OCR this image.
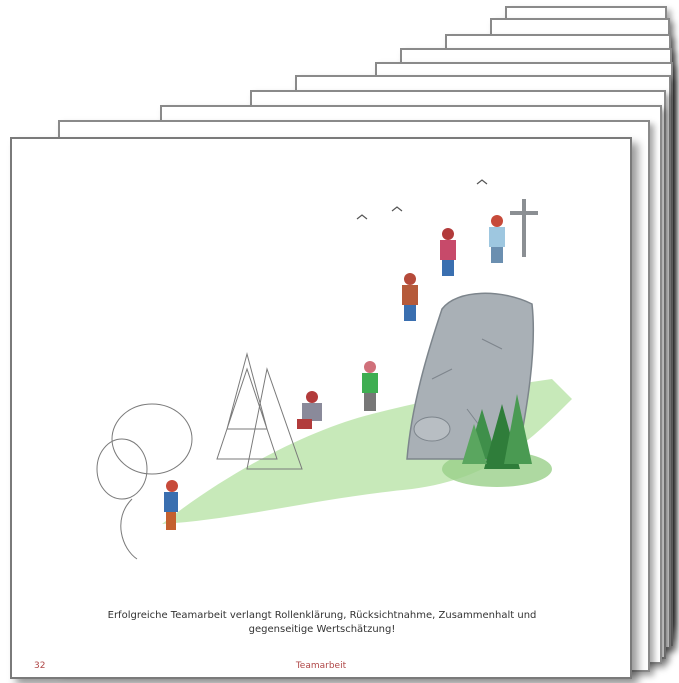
Erfolgreiche Teamarbeit verlangt Rollenklärung, Rücksichtnahme, Zusammenhalt und
gegenseitige Wertschätzung!
32	Teamarbeit
